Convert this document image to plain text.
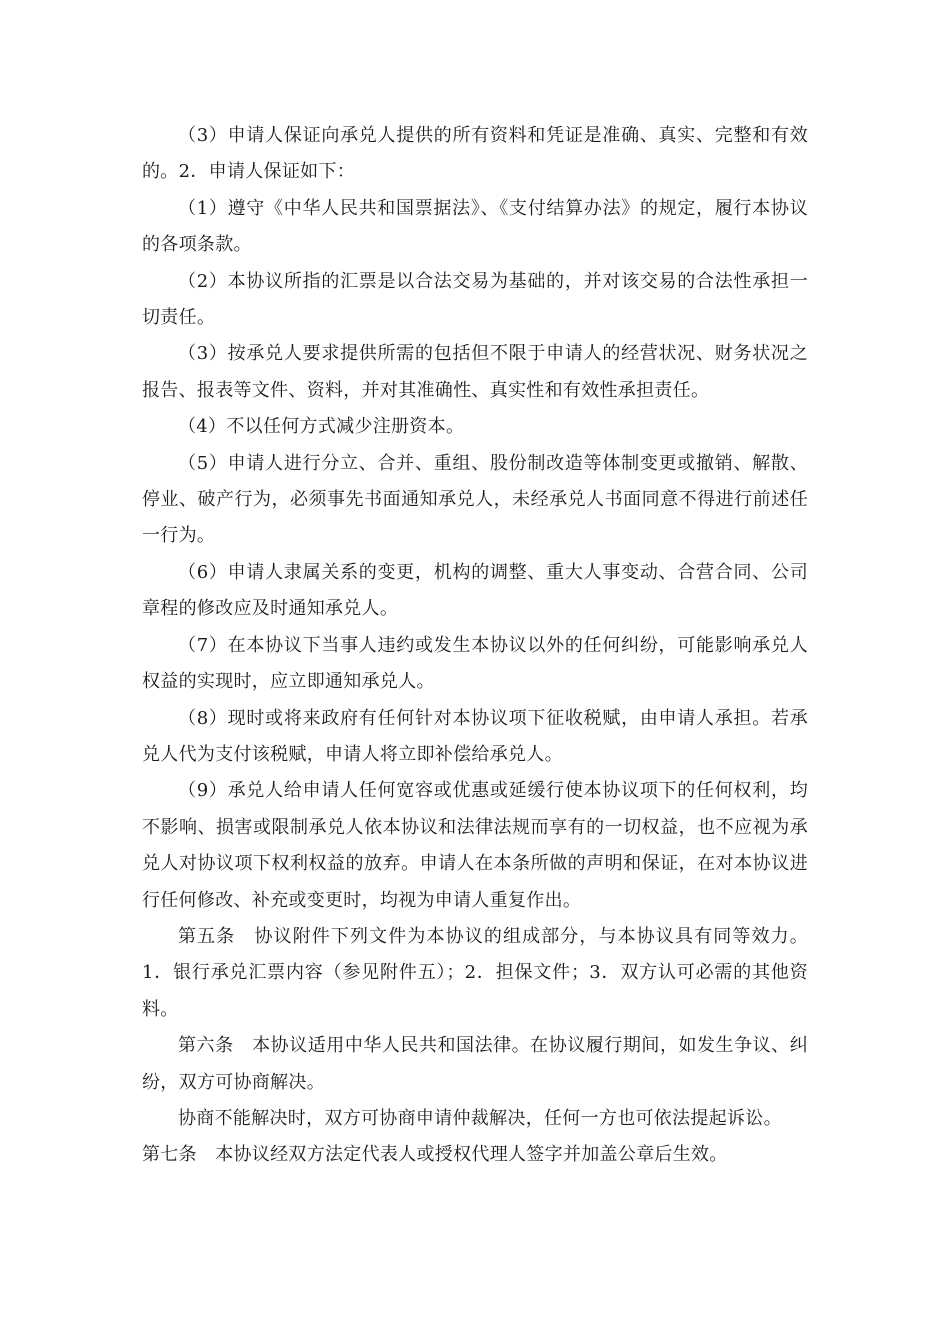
（3）申请人保证向承兑人提供的所有资料和凭证是准确、真实、完整和有效的。2．申请人保证如下：

（1）遵守《中华人民共和国票据法》、《支付结算办法》的规定，履行本协议的各项条款。

（2）本协议所指的汇票是以合法交易为基础的，并对该交易的合法性承担一切责任。

（3）按承兑人要求提供所需的包括但不限于申请人的经营状况、财务状况之报告、报表等文件、资料，并对其准确性、真实性和有效性承担责任。

（4）不以任何方式减少注册资本。

（5）申请人进行分立、合并、重组、股份制改造等体制变更或撤销、解散、停业、破产行为，必须事先书面通知承兑人，未经承兑人书面同意不得进行前述任一行为。

（6）申请人隶属关系的变更，机构的调整、重大人事变动、合营合同、公司章程的修改应及时通知承兑人。

（7）在本协议下当事人违约或发生本协议以外的任何纠纷，可能影响承兑人权益的实现时，应立即通知承兑人。

（8）现时或将来政府有任何针对本协议项下征收税赋，由申请人承担。若承兑人代为支付该税赋，申请人将立即补偿给承兑人。

（9）承兑人给申请人任何宽容或优惠或延缓行使本协议项下的任何权利，均不影响、损害或限制承兑人依本协议和法律法规而享有的一切权益，也不应视为承兑人对协议项下权利权益的放弃。申请人在本条所做的声明和保证，在对本协议进行任何修改、补充或变更时，均视为申请人重复作出。

第五条　协议附件下列文件为本协议的组成部分，与本协议具有同等效力。1．银行承兑汇票内容（参见附件五）；2．担保文件；3．双方认可必需的其他资料。

第六条　本协议适用中华人民共和国法律。在协议履行期间，如发生争议、纠纷，双方可协商解决。

协商不能解决时，双方可协商申请仲裁解决，任何一方也可依法提起诉讼。

第七条　本协议经双方法定代表人或授权代理人签字并加盖公章后生效。
